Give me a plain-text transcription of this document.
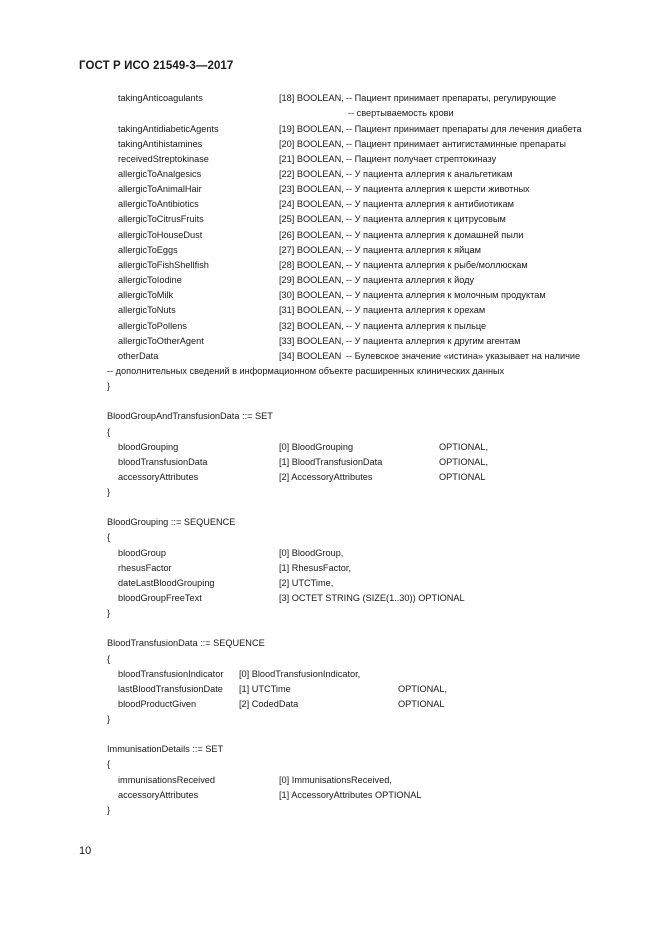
ГОСТ Р ИСО 21549-3—2017
takingAnticoagulants	[18] BOOLEAN, -- Пациент принимает препараты, регулирующие
-- свертываемость крови
takingAntidiabeticAgents	[19] BOOLEAN, -- Пациент принимает препараты для лечения диабета
takingAntihistamines	[20] BOOLEAN, -- Пациент принимает антигистаминные препараты
receivedStreptokinase	[21] BOOLEAN, -- Пациент получает стрептокиназу
allergicToAnalgesics	[22] BOOLEAN, -- У пациента аллергия к анальгетикам
allergicToAnimalHair	[23] BOOLEAN, -- У пациента аллергия к шерсти животных
allergicToAntibiotics	[24] BOOLEAN, -- У пациента аллергия к антибиотикам
allergicToCitrusFruits	[25] BOOLEAN, -- У пациента аллергия к цитрусовым
allergicToHouseDust	[26] BOOLEAN, -- У пациента аллергия к домашней пыли
allergicToEggs	[27] BOOLEAN, -- У пациента аллергия к яйцам
allergicToFishShellfish	[28] BOOLEAN, -- У пациента аллергия к рыбе/моллюскам
allergicToIodine	[29] BOOLEAN, -- У пациента аллергия к йоду
allergicToMilk	[30] BOOLEAN, -- У пациента аллергия к молочным продуктам
allergicToNuts	[31] BOOLEAN, -- У пациента аллергия к орехам
allergicToPollens	[32] BOOLEAN, -- У пациента аллергия к пыльце
allergicToOtherAgent	[33] BOOLEAN, -- У пациента аллергия к другим агентам
otherData	[34] BOOLEAN -- Булевское значение «истина» указывает на наличие
-- дополнительных сведений в информационном объекте расширенных клинических данных
}
BloodGroupAndTransfusionData ::= SET
{
bloodGrouping	[0] BloodGrouping	OPTIONAL,
bloodTransfusionData	[1] BloodTransfusionData	OPTIONAL,
accessoryAttributes	[2] AccessoryAttributes	OPTIONAL
}
BloodGrouping ::= SEQUENCE
{
bloodGroup	[0] BloodGroup,
rhesusFactor	[1] RhesusFactor,
dateLastBloodGrouping	[2] UTCTime,
bloodGroupFreeText	[3] OCTET STRING (SIZE(1..30)) OPTIONAL
}
BloodTransfusionData ::= SEQUENCE
{
bloodTransfusionIndicator [0] BloodTransfusionIndicator,
lastBloodTransfusionDate [1] UTCTime	OPTIONAL,
bloodProductGiven	[2] CodedData	OPTIONAL
}
ImmunisationDetails ::= SET
{
immunisationsReceived	[0] ImmunisationsReceived,
accessoryAttributes	[1] AccessoryAttributes OPTIONAL
}
10
